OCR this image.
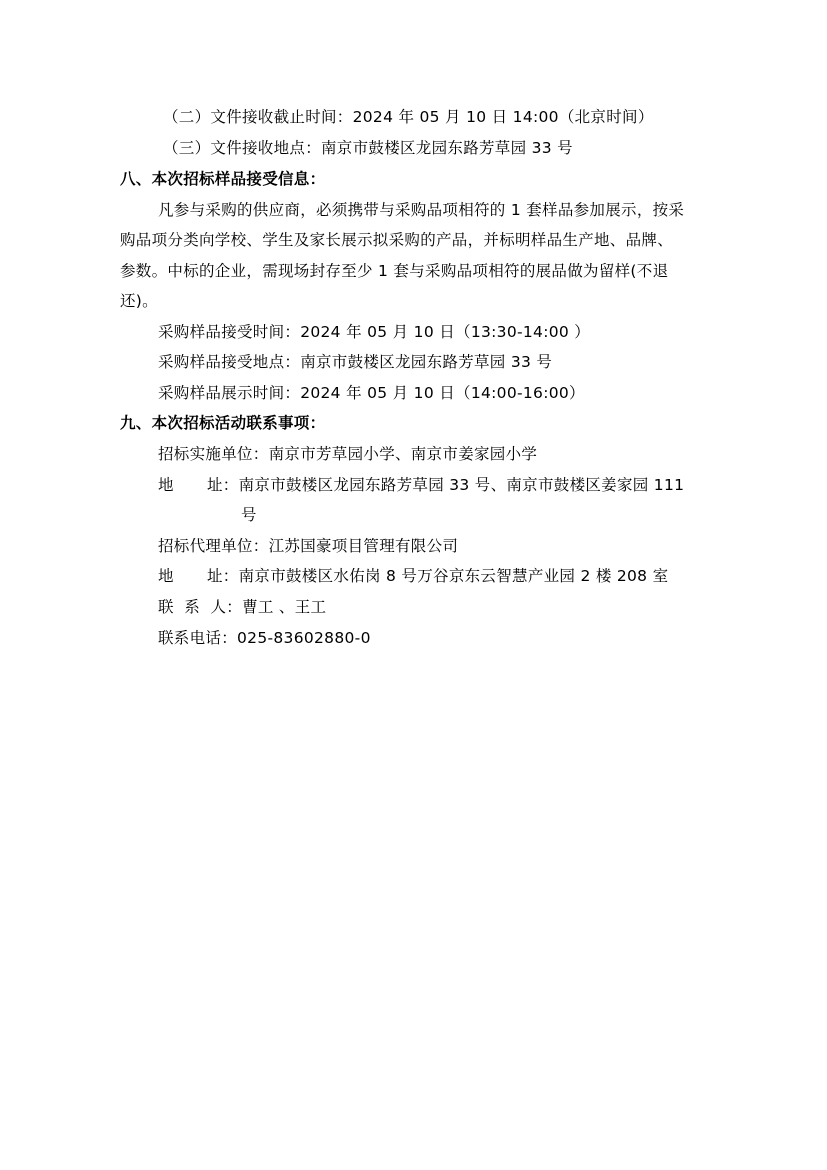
（二）文件接收截止时间：2024 年 05 月 10 日 14:00（北京时间）
（三）文件接收地点：南京市鼓楼区龙园东路芳草园 33 号
八、本次招标样品接受信息：
凡参与采购的供应商，必须携带与采购品项相符的 1 套样品参加展示，按采
购品项分类向学校、学生及家长展示拟采购的产品，并标明样品生产地、品牌、
参数。中标的企业，需现场封存至少 1 套与采购品项相符的展品做为留样(不退
还)。
采购样品接受时间：2024 年 05 月 10 日（13:30-14:00 ）
采购样品接受地点：南京市鼓楼区龙园东路芳草园 33 号
采购样品展示时间：2024 年 05 月 10 日（14:00-16:00）
九、本次招标活动联系事项：
招标实施单位：南京市芳草园小学、南京市姜家园小学
地 址：南京市鼓楼区龙园东路芳草园 33 号、南京市鼓楼区姜家园 111
号
招标代理单位：江苏国豪项目管理有限公司
地 址：南京市鼓楼区水佑岗 8 号万谷京东云智慧产业园 2 楼 208 室
联  系  人：曹工 、王工
联系电话：025-83602880-0
